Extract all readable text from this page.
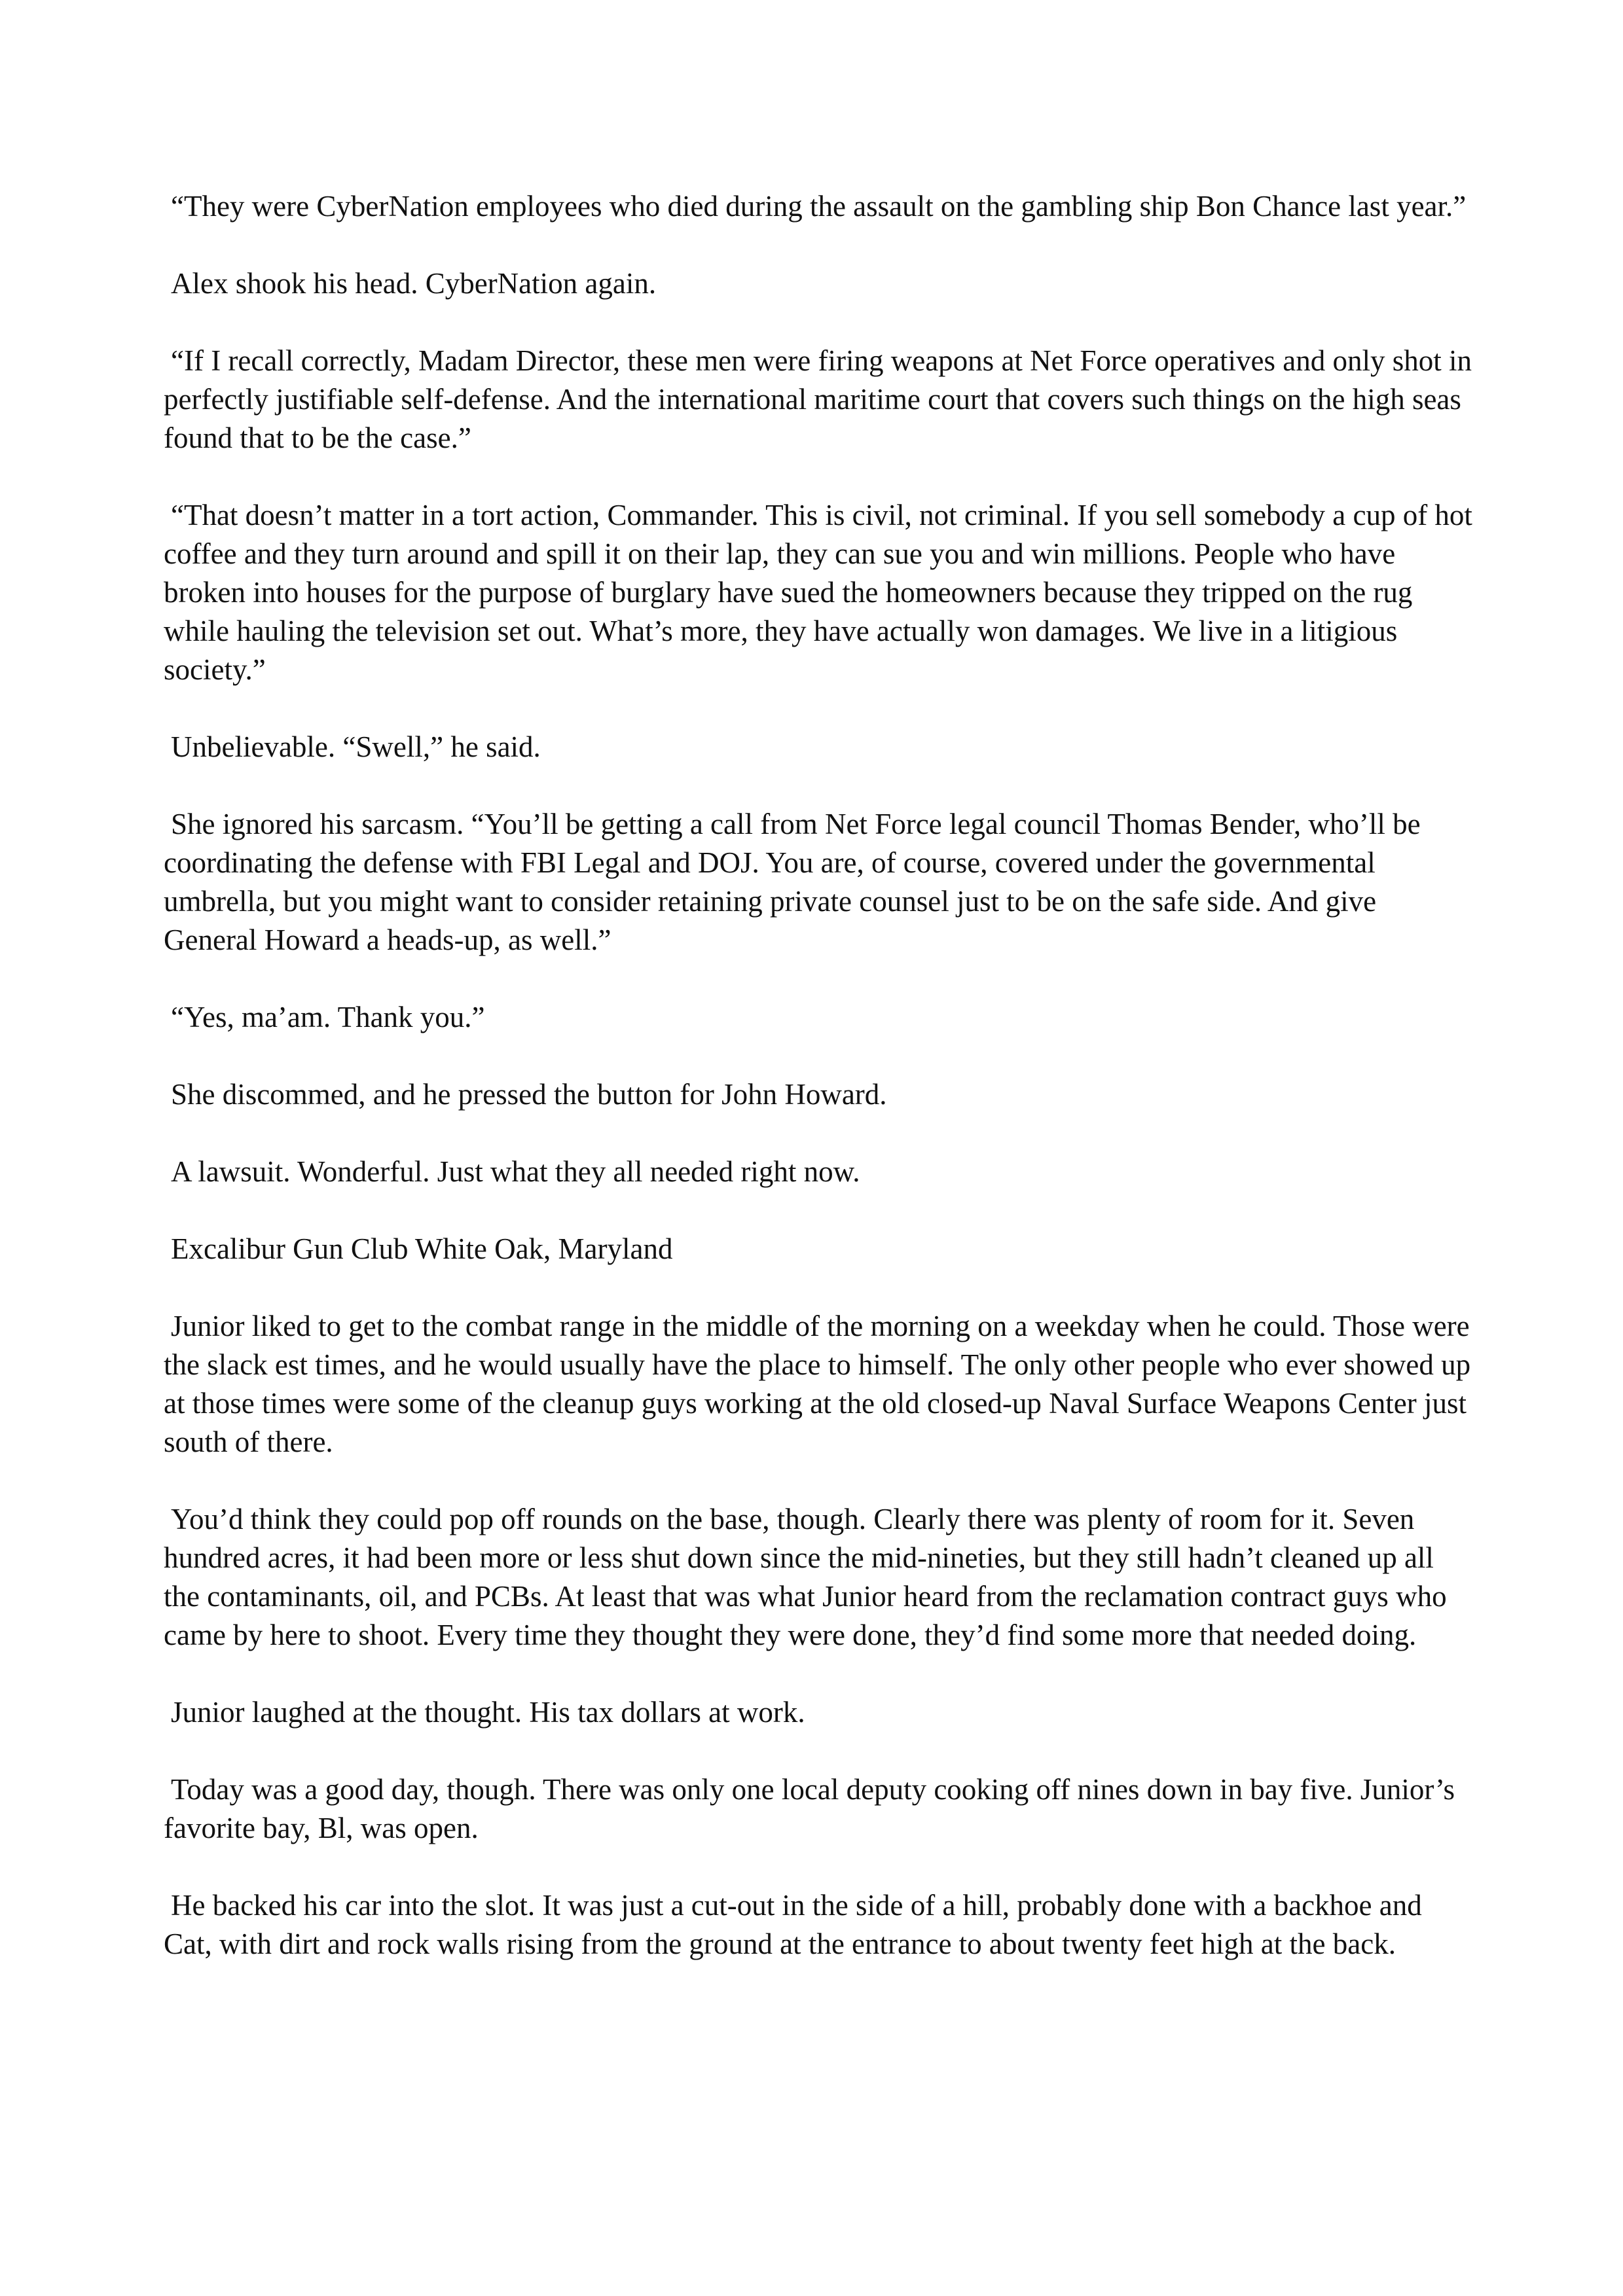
“They were CyberNation employees who died during the assault on the gambling ship Bon Chance last year.”

Alex shook his head. CyberNation again.

“If I recall correctly, Madam Director, these men were firing weapons at Net Force operatives and only shot in perfectly justifiable self-defense. And the international maritime court that covers such things on the high seas found that to be the case.”

“That doesn’t matter in a tort action, Commander. This is civil, not criminal. If you sell somebody a cup of hot coffee and they turn around and spill it on their lap, they can sue you and win millions. People who have broken into houses for the purpose of burglary have sued the homeowners because they tripped on the rug while hauling the television set out. What’s more, they have actually won damages. We live in a litigious society.”

Unbelievable. “Swell,” he said.

She ignored his sarcasm. “You’ll be getting a call from Net Force legal council Thomas Bender, who’ll be coordinating the defense with FBI Legal and DOJ. You are, of course, covered under the governmental umbrella, but you might want to consider retaining private counsel just to be on the safe side. And give General Howard a heads-up, as well.”

“Yes, ma’am. Thank you.”

She discommed, and he pressed the button for John Howard.

A lawsuit. Wonderful. Just what they all needed right now.

Excalibur Gun Club White Oak, Maryland

Junior liked to get to the combat range in the middle of the morning on a weekday when he could. Those were the slack est times, and he would usually have the place to himself. The only other people who ever showed up at those times were some of the cleanup guys working at the old closed-up Naval Surface Weapons Center just south of there.

You’d think they could pop off rounds on the base, though. Clearly there was plenty of room for it. Seven hundred acres, it had been more or less shut down since the mid-nineties, but they still hadn’t cleaned up all the contaminants, oil, and PCBs. At least that was what Junior heard from the reclamation contract guys who came by here to shoot. Every time they thought they were done, they’d find some more that needed doing.

Junior laughed at the thought. His tax dollars at work.

Today was a good day, though. There was only one local deputy cooking off nines down in bay five. Junior’s favorite bay, Bl, was open.

He backed his car into the slot. It was just a cut-out in the side of a hill, probably done with a backhoe and Cat, with dirt and rock walls rising from the ground at the entrance to about twenty feet high at the back.
